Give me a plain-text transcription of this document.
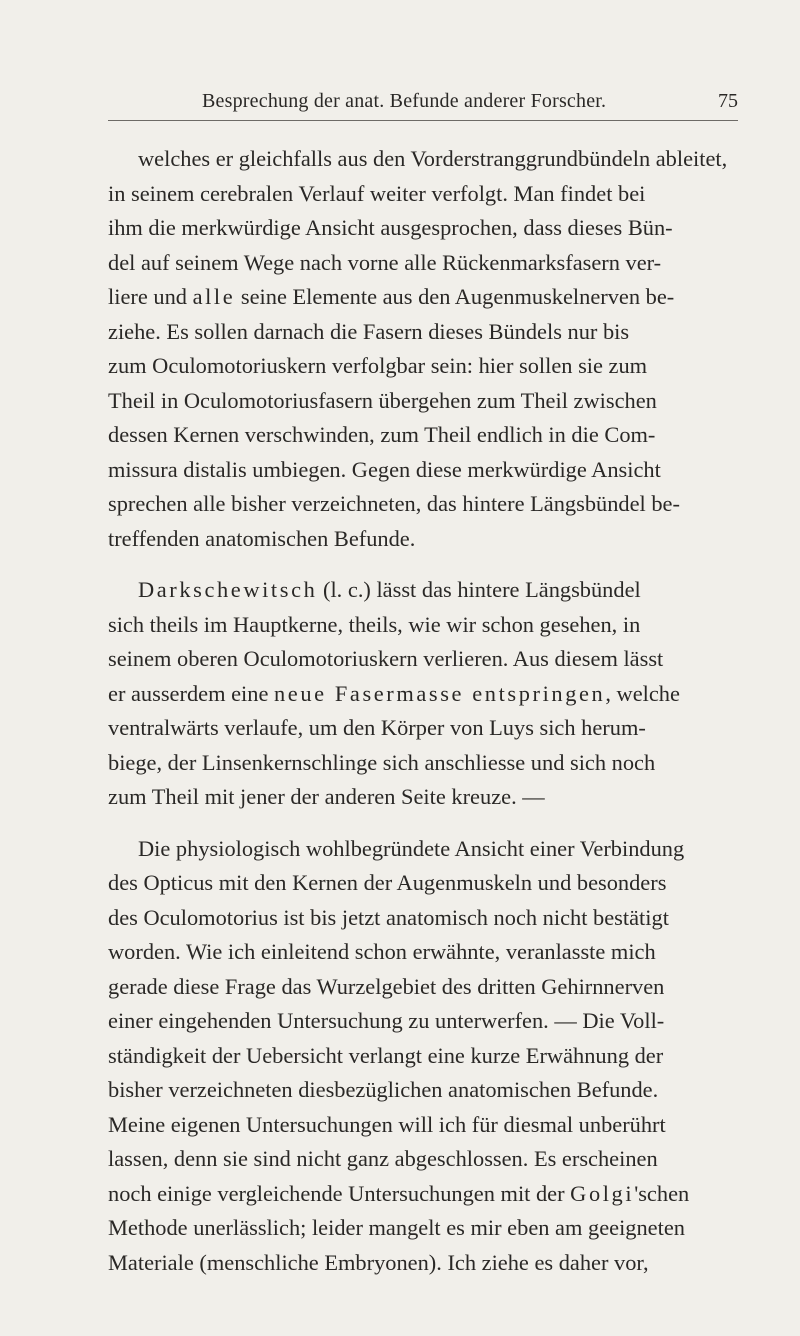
Besprechung der anat. Befunde anderer Forscher.	75
welches er gleichfalls aus den Vorderstranggrundbündeln ableitet,
in seinem cerebralen Verlauf weiter verfolgt. Man findet bei
ihm die merkwürdige Ansicht ausgesprochen, dass dieses Bün-
del auf seinem Wege nach vorne alle Rückenmarksfasern ver-
liere und alle seine Elemente aus den Augenmuskelnerven be-
ziehe. Es sollen darnach die Fasern dieses Bündels nur bis
zum Oculomotoriuskern verfolgbar sein: hier sollen sie zum
Theil in Oculomotoriusfasern übergehen zum Theil zwischen
dessen Kernen verschwinden, zum Theil endlich in die Com-
missura distalis umbiegen. Gegen diese merkwürdige Ansicht
sprechen alle bisher verzeichneten, das hintere Längsbündel be-
treffenden anatomischen Befunde.
Darkschewitsch (l. c.) lässt das hintere Längsbündel
sich theils im Hauptkerne, theils, wie wir schon gesehen, in
seinem oberen Oculomotoriuskern verlieren. Aus diesem lässt
er ausserdem eine neue Fasermasse entspringen, welche
ventralwärts verlaufe, um den Körper von Luys sich herum-
biege, der Linsenkernschlinge sich anschliesse und sich noch
zum Theil mit jener der anderen Seite kreuze. —
Die physiologisch wohlbegründete Ansicht einer Verbindung
des Opticus mit den Kernen der Augenmuskeln und besonders
des Oculomotorius ist bis jetzt anatomisch noch nicht bestätigt
worden. Wie ich einleitend schon erwähnte, veranlasste mich
gerade diese Frage das Wurzelgebiet des dritten Gehirnnerven
einer eingehenden Untersuchung zu unterwerfen. — Die Voll-
ständigkeit der Uebersicht verlangt eine kurze Erwähnung der
bisher verzeichneten diesbezüglichen anatomischen Befunde.
Meine eigenen Untersuchungen will ich für diesmal unberührt
lassen, denn sie sind nicht ganz abgeschlossen. Es erscheinen
noch einige vergleichende Untersuchungen mit der Golgi'schen
Methode unerlässlich; leider mangelt es mir eben am geeigneten
Materiale (menschliche Embryonen). Ich ziehe es daher vor,
